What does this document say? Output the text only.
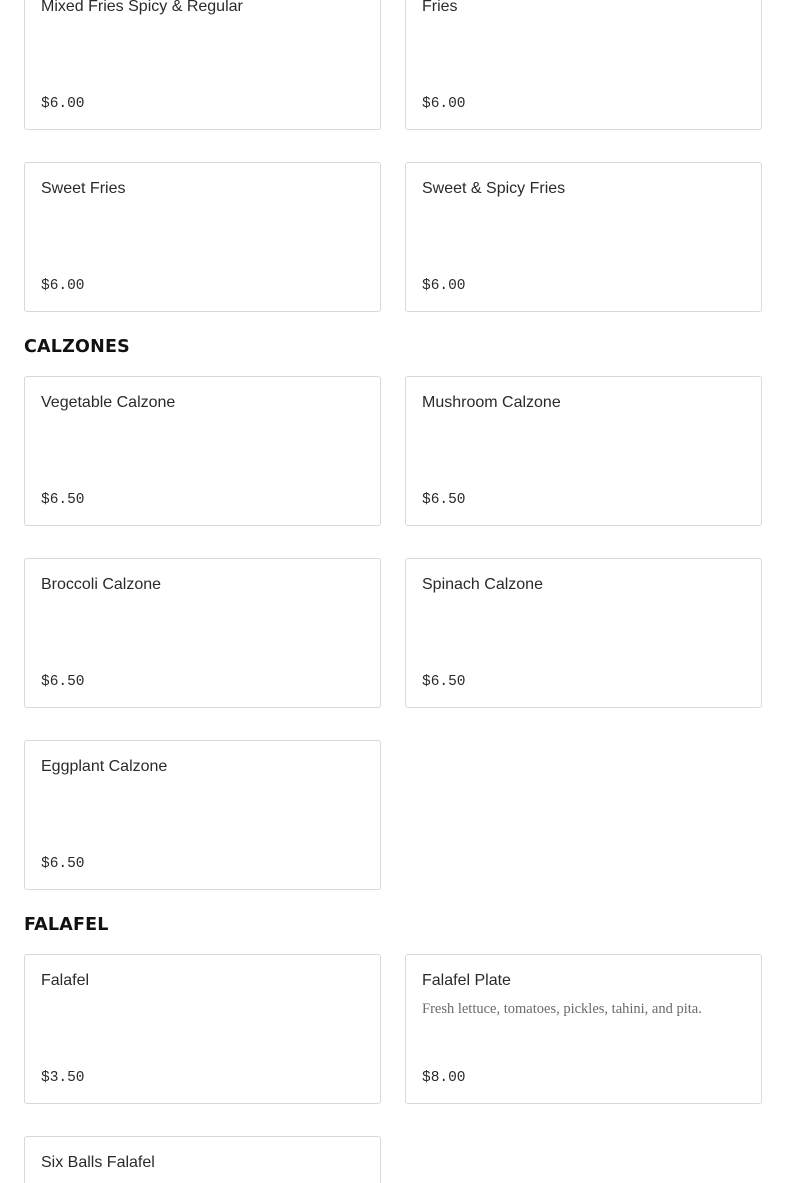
Mixed Fries Spicy & Regular
$6.00
Fries
$6.00
Sweet Fries
$6.00
Sweet & Spicy Fries
$6.00
CALZONES
Vegetable Calzone
$6.50
Mushroom Calzone
$6.50
Broccoli Calzone
$6.50
Spinach Calzone
$6.50
Eggplant Calzone
$6.50
FALAFEL
Falafel
$3.50
Falafel Plate
Fresh lettuce, tomatoes, pickles, tahini, and pita.
$8.00
Six Balls Falafel
